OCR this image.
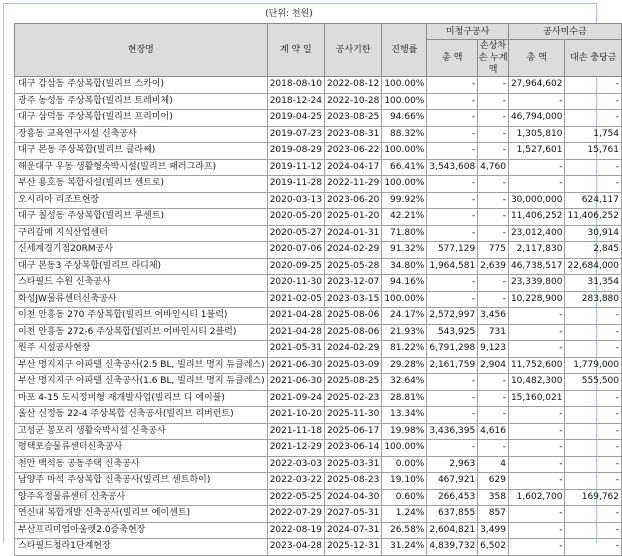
(단위: 천원)
현장명	계 약 일	공사기한	진행률	미청구공사		공사미수금	
				총 액	손상차손 누계액	총 액	대손 충당금
대구 감삼동 주상복합(빌리브 스카이)	2018-08-10	2022-08-12	100.00%	-	-	27,964,602	-
광주 농성동 주상복합(빌리브 트레비체)	2018-12-24	2022-10-28	100.00%	-	-	-	-
대구 삼덕동 주상복합(빌리브 프리미어)	2019-04-25	2023-08-25	94.66%	-	-	46,794,000	-
장흥동 교육연구시설 신축공사	2019-07-23	2023-08-31	88.32%	-	-	1,305,810	1,754
대구 본동 주상복합(빌리브 클라쎄)	2019-08-29	2023-06-22	100.00%	-	-	1,527,601	15,761
해운대구 우동 생활형숙박시설(빌리브 패러그라프)	2019-11-12	2024-04-17	66.41%	3,543,608	4,760	-	-
부산 용호동 복합시설(빌리브 센트로)	2019-11-28	2022-11-29	100.00%	-	-	-	-
오시리아 리조트현장	2020-03-13	2023-06-20	99.92%	-	-	30,000,000	624,117
대구 칠성동 주상복합(빌리브 루센트)	2020-05-20	2025-01-20	42.21%	-	-	11,406,252	11,406,252
구리갈매 지식산업센터	2020-05-27	2024-01-31	71.80%	-	-	23,012,400	30,914
신세계경기점20RM공사	2020-07-06	2024-02-29	91.32%	577,129	775	2,117,830	2,845
대구 본동3 주상복합(빌리브 라디체)	2020-09-25	2025-05-28	34.80%	1,964,581	2,639	46,738,517	22,684,000
스타필드 수원 신축공사	2020-11-30	2023-12-07	94.16%	-	-	23,339,800	31,354
화성JW물류센터신축공사	2021-02-05	2023-03-15	100.00%	-	-	10,228,900	283,880
이천 안흥동 270 주상복합(빌리브 어바인시티 1블럭)	2021-04-28	2025-08-06	24.17%	2,572,997	3,456	-	-
이천 안흥동 272-6 주상복합(빌리브 어바인시티 2블럭)	2021-04-28	2025-08-06	21.93%	543,925	731	-	-
원주 시설공사현장	2021-05-31	2024-02-29	81.22%	6,791,298	9,123	-	-
부산 명지지구 아파텔 신축공사(2.5 BL, 빌리브 명지 듀클레스)	2021-06-30	2025-03-09	29.28%	2,161,759	2,904	11,752,600	1,779,000
부산 명지지구 아파텔 신축공사(1.6 BL, 빌리브 명지 듀클레스)	2021-06-30	2025-08-25	32.64%	-	-	10,482,300	555,500
마포 4-15 도시정비형 재개발사업(빌리브 디 에이블)	2021-09-24	2025-02-23	28.81%	-	-	15,160,021	-
울산 신정동 22-4 주상복합 신축공사(빌리브 리버런트)	2021-10-20	2025-11-30	13.34%	-	-	-	-
고성군 봉포리 생활숙박시설 신축공사	2021-11-18	2025-06-17	19.98%	3,436,395	4,616	-	-
평택포승물류센터신축공사	2021-12-29	2023-06-14	100.00%	-	-	-	-
천안 백석동 공동주택 신축공사	2022-03-03	2025-03-31	0.00%	2,963	4	-	-
남양주 마석 주상복합 신축공사(빌리브 센트하이)	2022-03-22	2025-08-23	19.10%	467,921	629	-	-
양주옥정물류센터 신축공사	2022-05-25	2024-04-30	0.60%	266,453	358	1,602,700	169,762
연신내 복합개발 신축공사(빌리브 에이센트)	2022-07-29	2027-05-31	1.24%	637,855	857	-	-
부산프리미엄아울렛2.0증축현장	2022-08-19	2024-07-31	26.58%	2,604,821	3,499	-	-
스타필드청라1단계현장	2023-04-28	2025-12-31	31.24%	4,839,732	6,502	-	-
